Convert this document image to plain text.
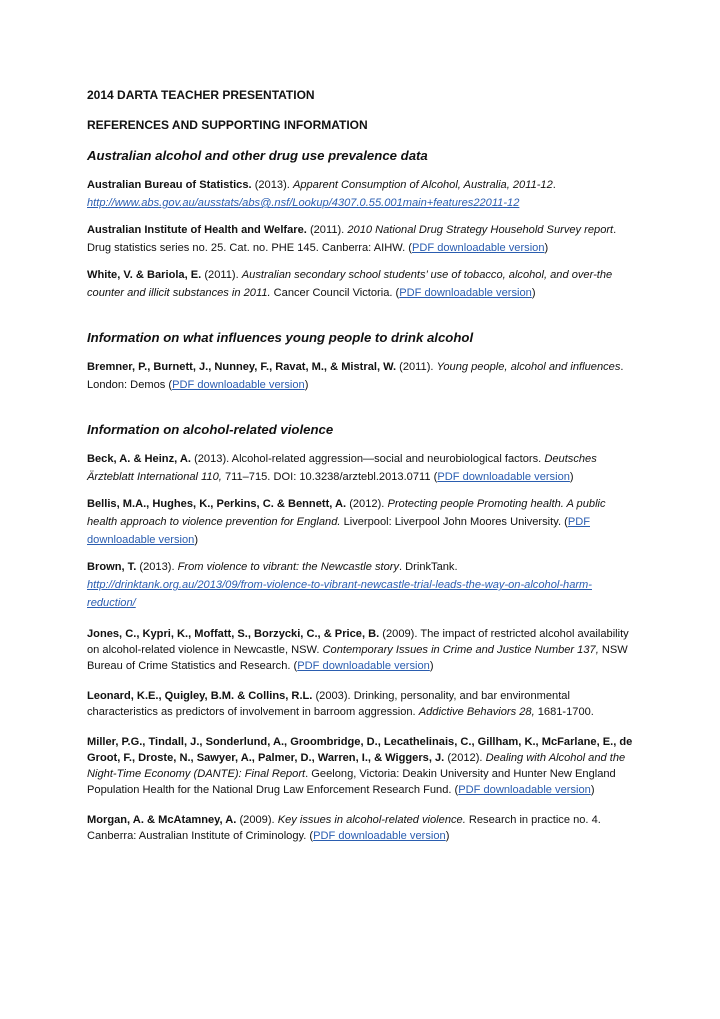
2014 DARTA TEACHER PRESENTATION
REFERENCES AND SUPPORTING INFORMATION
Australian alcohol and other drug use prevalence data
Australian Bureau of Statistics. (2013). Apparent Consumption of Alcohol, Australia, 2011-12. http://www.abs.gov.au/ausstats/abs@.nsf/Lookup/4307.0.55.001main+features22011-12
Australian Institute of Health and Welfare. (2011). 2010 National Drug Strategy Household Survey report. Drug statistics series no. 25. Cat. no. PHE 145. Canberra: AIHW. (PDF downloadable version)
White, V. & Bariola, E. (2011). Australian secondary school students’ use of tobacco, alcohol, and over-the counter and illicit substances in 2011. Cancer Council Victoria. (PDF downloadable version)
Information on what influences young people to drink alcohol
Bremner, P., Burnett, J., Nunney, F., Ravat, M., & Mistral, W. (2011). Young people, alcohol and influences. London: Demos (PDF downloadable version)
Information on alcohol-related violence
Beck, A. & Heinz, A. (2013). Alcohol-related aggression—social and neurobiological factors. Deutsches Ärzteblatt International 110, 711–715. DOI: 10.3238/arztebl.2013.0711 (PDF downloadable version)
Bellis, M.A., Hughes, K., Perkins, C. & Bennett, A. (2012). Protecting people Promoting health. A public health approach to violence prevention for England. Liverpool: Liverpool John Moores University. (PDF downloadable version)
Brown, T. (2013). From violence to vibrant: the Newcastle story. DrinkTank. http://drinktank.org.au/2013/09/from-violence-to-vibrant-newcastle-trial-leads-the-way-on-alcohol-harm-reduction/
Jones, C., Kypri, K., Moffatt, S., Borzycki, C., & Price, B. (2009). The impact of restricted alcohol availability on alcohol-related violence in Newcastle, NSW. Contemporary Issues in Crime and Justice Number 137, NSW Bureau of Crime Statistics and Research. (PDF downloadable version)
Leonard, K.E., Quigley, B.M. & Collins, R.L. (2003). Drinking, personality, and bar environmental characteristics as predictors of involvement in barroom aggression. Addictive Behaviors 28, 1681-1700.
Miller, P.G., Tindall, J., Sonderlund, A., Groombridge, D., Lecathelinais, C., Gillham, K., McFarlane, E., de Groot, F., Droste, N., Sawyer, A., Palmer, D., Warren, I., & Wiggers, J. (2012). Dealing with Alcohol and the Night-Time Economy (DANTE): Final Report. Geelong, Victoria: Deakin University and Hunter New England Population Health for the National Drug Law Enforcement Research Fund. (PDF downloadable version)
Morgan, A. & McAtamney, A. (2009). Key issues in alcohol-related violence. Research in practice no. 4. Canberra: Australian Institute of Criminology. (PDF downloadable version)
